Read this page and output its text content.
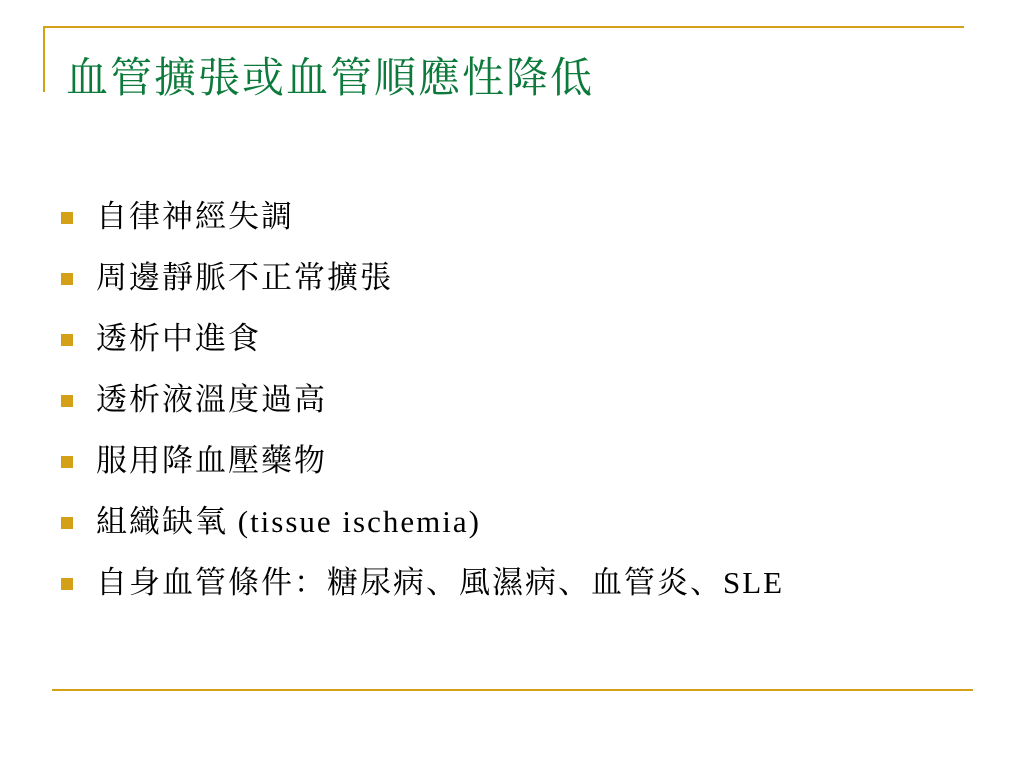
血管擴張或血管順應性降低
自律神經失調
周邊靜脈不正常擴張
透析中進食
透析液溫度過高
服用降血壓藥物
組織缺氧 (tissue ischemia)
自身血管條件：糖尿病、風濕病、血管炎、SLE
